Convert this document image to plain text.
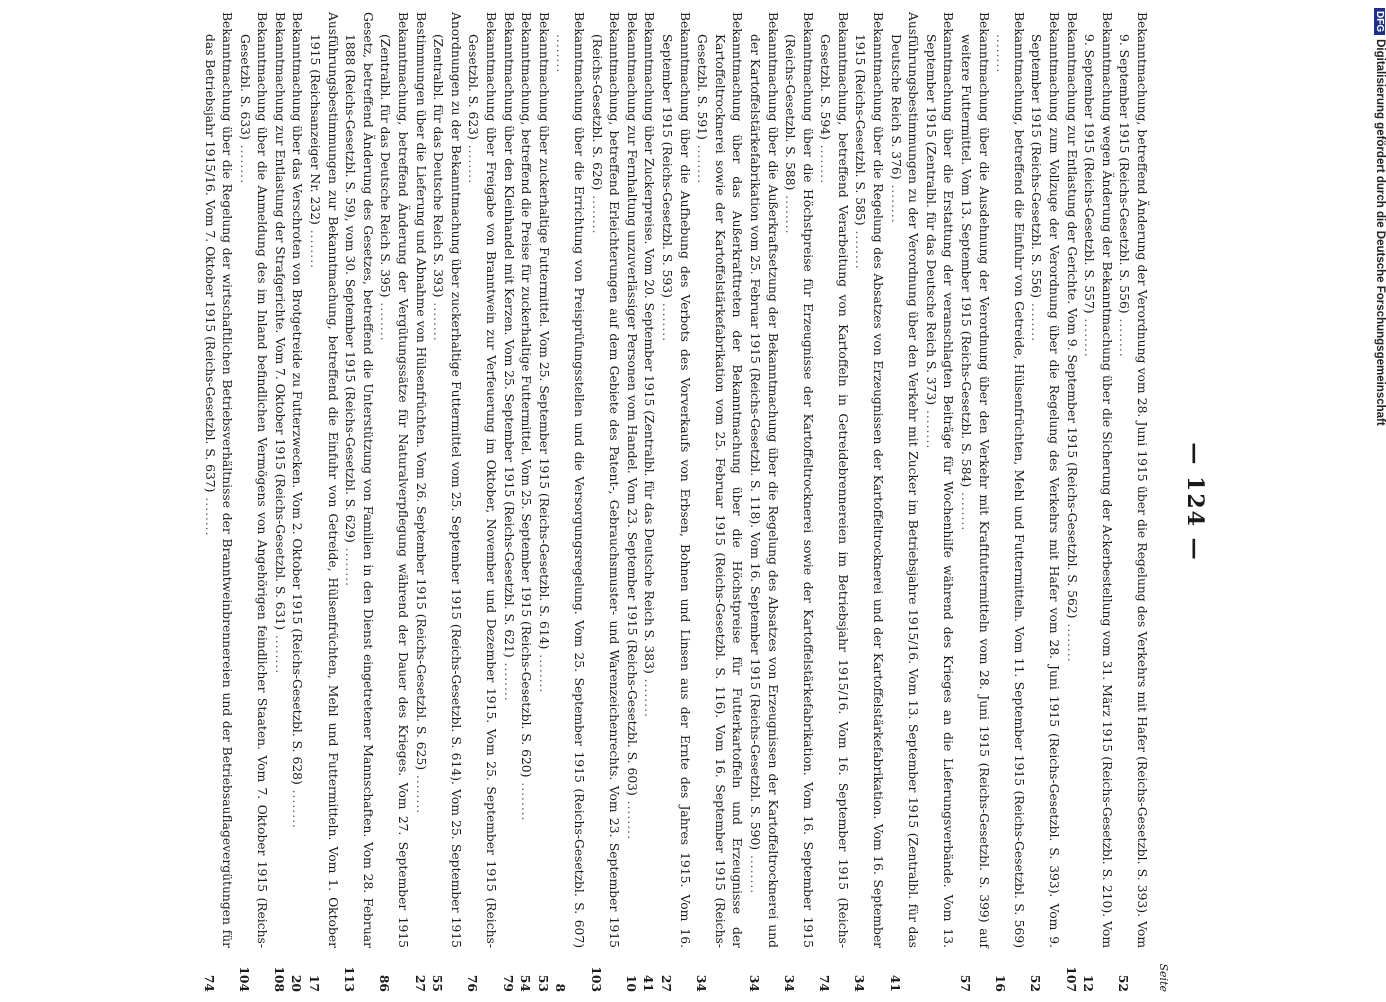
— 124 —
Seite
Bekanntmachung, betreffend Änderung der Verordnung vom 28. Juni 1915 über die Regelung des Verkehrs mit Hafer (Reichs-Gesetzbl. S. 393). Vom 9. September 1915 (Reichs-Gesetzbl. S. 556) ........
52
Bekanntmachung wegen Änderung der Bekanntmachung über die Sicherung der Ackerbestellung vom 31. März 1915 (Reichs-Gesetzbl. S. 210). Vom 9. September 1915 (Reichs-Gesetzbl. S. 557) ........
12
Bekanntmachung zur Entlastung der Gerichte. Vom 9. September 1915 (Reichs-Gesetzbl. S. 562) ........
107
Bekanntmachung zum Vollzuge der Verordnung über die Regelung des Verkehrs mit Hafer vom 28. Juni 1915 (Reichs-Gesetzbl. S. 393). Vom 9. September 1915 (Reichs-Gesetzbl. S. 556) ........
52
Bekanntmachung, betreffend die Einfuhr von Getreide, Hülsenfrüchten, Mehl und Futtermitteln. Vom 11. September 1915 (Reichs-Gesetzbl. S. 569) ........
16
Bekanntmachung über die Ausdehnung der Verordnung über den Verkehr mit Kraftfuttermitteln vom 28. Juni 1915 (Reichs-Gesetzbl. S. 399) auf weitere Futtermittel. Vom 13. September 1915 (Reichs-Gesetzbl. S. 584) ........
57
Bekanntmachung über die Erstattung der veranschlagten Beiträge für Wochenhilfe während des Krieges an die Lieferungsverbände. Vom 13. September 1915 (Zentralbl. für das Deutsche Reich S. 373) ........
Ausführungsbestimmungen zu der Verordnung über den Verkehr mit Zucker im Betriebsjahre 1915/16. Vom 13. September 1915 (Zentralbl. für das Deutsche Reich S. 376) ........
41
Bekanntmachung über die Regelung des Absatzes von Erzeugnissen der Kartoffeltrocknerei und der Kartoffelstärkefabrikation. Vom 16. September 1915 (Reichs-Gesetzbl. S. 585) ........
34
Bekanntmachung, betreffend Verarbeitung von Kartoffeln in Getreidebrennereien im Betriebsjahr 1915/16. Vom 16. September 1915 (Reichs-Gesetzbl. S. 594) ........
74
Bekanntmachung über die Höchstpreise für Erzeugnisse der Kartoffeltrocknerei sowie der Kartoffelstärkefabrikation. Vom 16. September 1915 (Reichs-Gesetzbl. S. 588) ........
34
Bekanntmachung über die Außerkraftsetzung der Bekanntmachung über die Regelung des Absatzes von Erzeugnissen der Kartoffeltrocknerei und der Kartoffelstärkefabrikation vom 25. Februar 1915 (Reichs-Gesetzbl. S. 118). Vom 16. September 1915 (Reichs-Gesetzbl. S. 590) ........
34
Bekanntmachung über das Außerkrafttreten der Bekanntmachung über die Höchstpreise für Futterkartoffeln und Erzeugnisse der Kartoffeltrocknerei sowie der Kartoffelstärkefabrikation vom 25. Februar 1915 (Reichs-Gesetzbl. S. 116). Vom 16. September 1915 (Reichs-Gesetzbl. S. 591) ........
34
Bekanntmachung über die Aufhebung des Verbots des Vorverkaufs von Erbsen, Bohnen und Linsen aus der Ernte des Jahres 1915. Vom 16. September 1915 (Reichs-Gesetzbl. S. 593) ........
27
Bekanntmachung über Zuckerpreise. Vom 20. September 1915 (Zentralbl. für das Deutsche Reich S. 383) ........
41
Bekanntmachung zur Fernhaltung unzuverlässiger Personen vom Handel. Vom 23. September 1915 (Reichs-Gesetzbl. S. 603) ........
10
Bekanntmachung, betreffend Erleichterungen auf dem Gebiete des Patent-, Gebrauchsmuster- und Warenzeichenrechts. Vom 23. September 1915 (Reichs-Gesetzbl. S. 626) ........
103
Bekanntmachung über die Errichtung von Preisprüfungsstellen und die Versorgungsregelung. Vom 25. September 1915 (Reichs-Gesetzbl. S. 607) ........
8
Bekanntmachung über zuckerhaltige Futtermittel. Vom 25. September 1915 (Reichs-Gesetzbl. S. 614) ........
53
Bekanntmachung, betreffend die Preise für zuckerhaltige Futtermittel. Vom 25. September 1915 (Reichs-Gesetzbl. S. 620) ........
54
Bekanntmachung über den Kleinhandel mit Kerzen. Vom 25. September 1915 (Reichs-Gesetzbl. S. 621) ........
79
Bekanntmachung über Freigabe von Branntwein zur Verfeuerung im Oktober, November und Dezember 1915. Vom 25. September 1915 (Reichs-Gesetzbl. S. 623) ........
76
Anordnungen zu der Bekanntmachung über zuckerhaltige Futtermittel vom 25. September 1915 (Reichs-Gesetzbl. S. 614). Vom 25. September 1915 (Zentralbl. für das Deutsche Reich S. 393) ........
55
Bestimmungen über die Lieferung und Abnahme von Hülsenfrüchten. Vom 26. September 1915 (Reichs-Gesetzbl. S. 625) ........
27
Bekanntmachung, betreffend Änderung der Vergütungssätze für Naturalverpflegung während der Dauer des Krieges. Vom 27. September 1915 (Zentralbl. für das Deutsche Reich S. 395) ........
86
Gesetz, betreffend Änderung des Gesetzes, betreffend die Unterstützung von Familien in den Dienst eingetretener Mannschaften. Vom 28. Februar 1888 (Reichs-Gesetzbl. S. 59), vom 30. September 1915 (Reichs-Gesetzbl. S. 629) ........
113
Ausführungsbestimmungen zur Bekanntmachung, betreffend die Einfuhr von Getreide, Hülsenfrüchten, Mehl und Futtermitteln. Vom 1. Oktober 1915 (Reichsanzeiger Nr. 232) ........
17
Bekanntmachung über das Verschroten von Brotgetreide zu Futterzwecken. Vom 2. Oktober 1915 (Reichs-Gesetzbl. S. 628) ........
20
Bekanntmachung zur Entlastung der Strafgerichte. Vom 7. Oktober 1915 (Reichs-Gesetzbl. S. 631) ........
108
Bekanntmachung über die Anmeldung des im Inland befindlichen Vermögens von Angehörigen feindlicher Staaten. Vom 7. Oktober 1915 (Reichs-Gesetzbl. S. 633) ........
104
Bekanntmachung über die Regelung der wirtschaftlichen Betriebsverhältnisse der Branntweinbrennereien und der Betriebsauflagevergütungen für das Betriebsjahr 1915/16. Vom 7. Oktober 1915 (Reichs-Gesetzbl. S. 637) ........
74
DFGDigitalisierung gefördert durch die Deutsche Forschungsgemeinschaft
